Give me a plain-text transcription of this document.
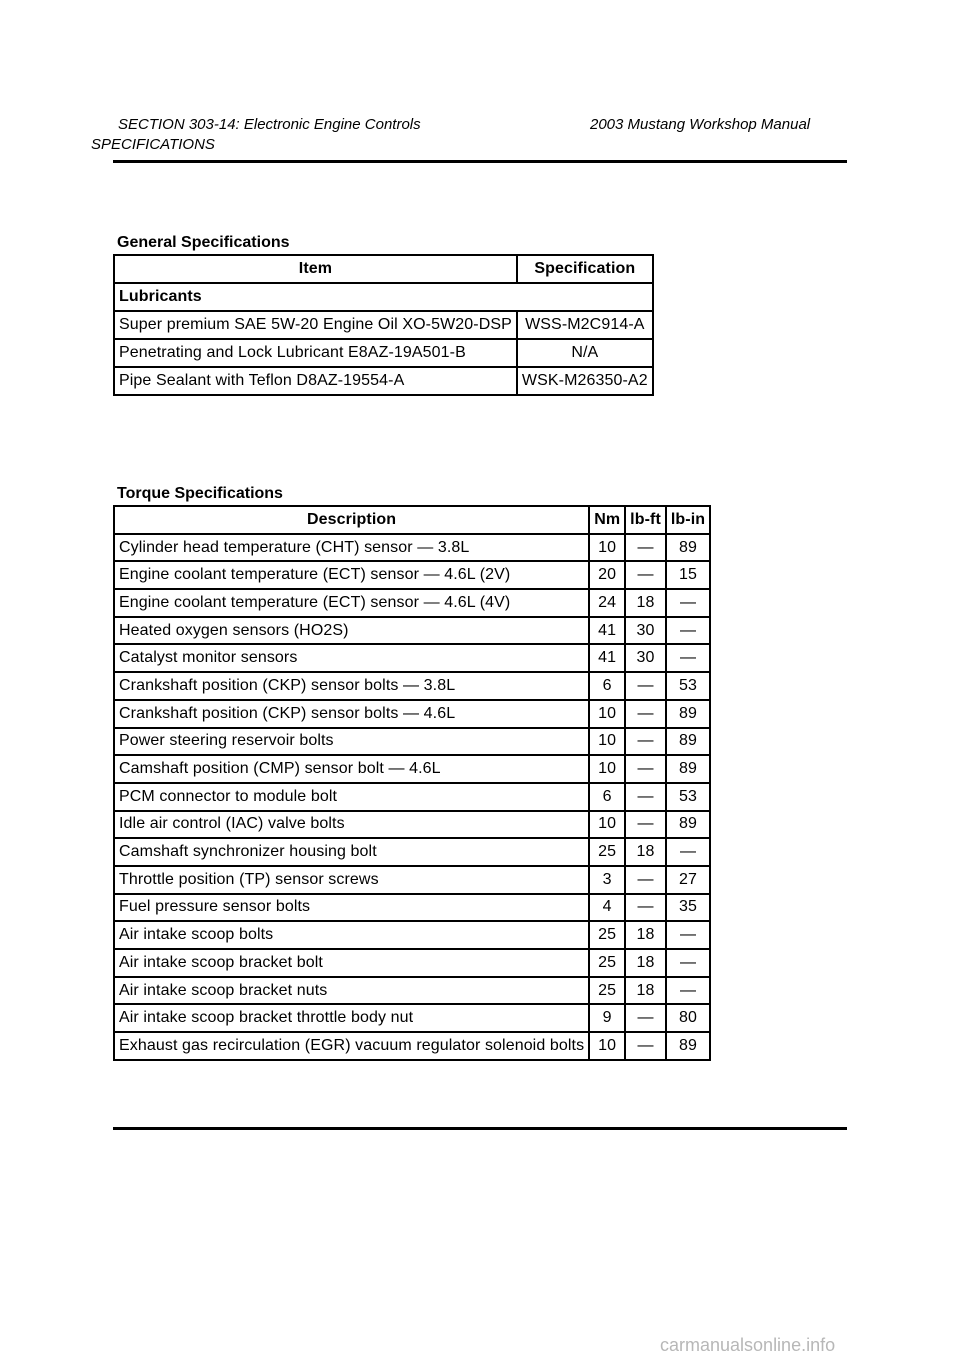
SECTION 303-14: Electronic Engine Controls	2003 Mustang Workshop Manual
SPECIFICATIONS
General Specifications
Item	Specification
Lubricants	
Super premium SAE 5W-20 Engine Oil XO-5W20-DSP	WSS-M2C914-A
Penetrating and Lock Lubricant E8AZ-19A501-B	N/A
Pipe Sealant with Teflon D8AZ-19554-A	WSK-M26350-A2
Torque Specifications
Description	Nm	lb-ft	lb-in
Cylinder head temperature (CHT) sensor — 3.8L	10	—	89
Engine coolant temperature (ECT) sensor — 4.6L (2V)	20	—	15
Engine coolant temperature (ECT) sensor — 4.6L (4V)	24	18	—
Heated oxygen sensors (HO2S)	41	30	—
Catalyst monitor sensors	41	30	—
Crankshaft position (CKP) sensor bolts — 3.8L	6	—	53
Crankshaft position (CKP) sensor bolts — 4.6L	10	—	89
Power steering reservoir bolts	10	—	89
Camshaft position (CMP) sensor bolt — 4.6L	10	—	89
PCM connector to module bolt	6	—	53
Idle air control (IAC) valve bolts	10	—	89
Camshaft synchronizer housing bolt	25	18	—
Throttle position (TP) sensor screws	3	—	27
Fuel pressure sensor bolts	4	—	35
Air intake scoop bolts	25	18	—
Air intake scoop bracket bolt	25	18	—
Air intake scoop bracket nuts	25	18	—
Air intake scoop bracket throttle body nut	9	—	80
Exhaust gas recirculation (EGR) vacuum regulator solenoid bolts	10	—	89
carmanualsonline.info
